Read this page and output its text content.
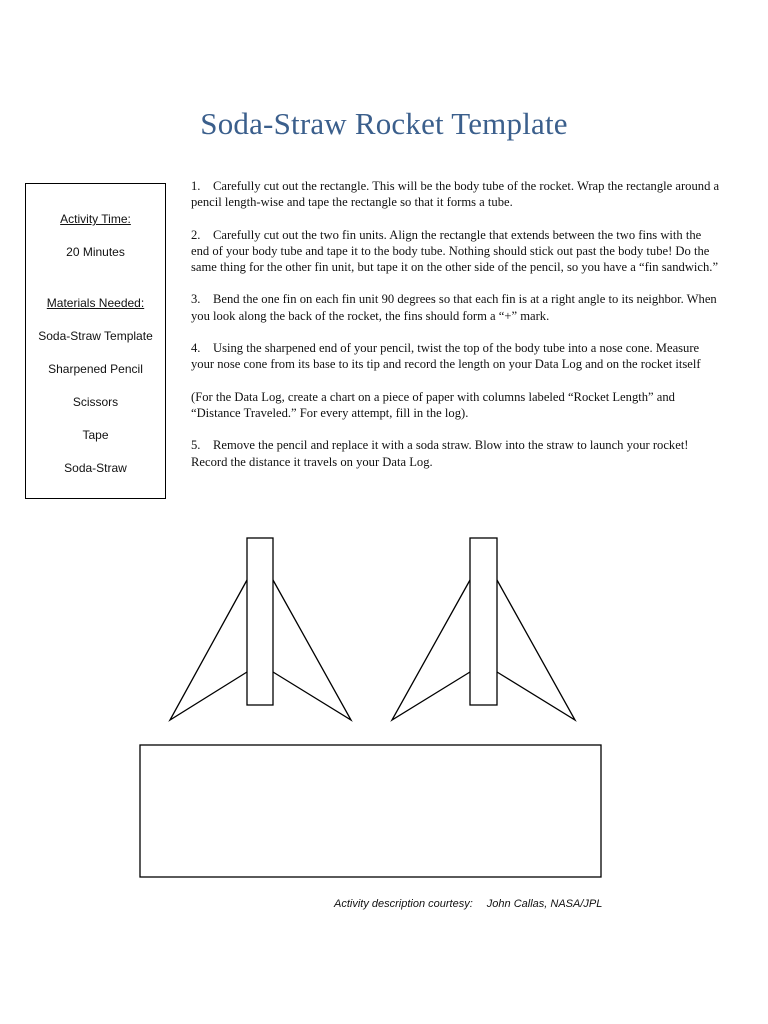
Soda-Straw Rocket Template
Activity Time:
20 Minutes
Materials Needed:
Soda-Straw Template
Sharpened Pencil
Scissors
Tape
Soda-Straw

1. Carefully cut out the rectangle. This will be the body tube of the rocket. Wrap the rectangle around a pencil length-wise and tape the rectangle so that it forms a tube.

2. Carefully cut out the two fin units. Align the rectangle that extends between the two fins with the end of your body tube and tape it to the body tube. Nothing should stick out past the body tube! Do the same thing for the other fin unit, but tape it on the other side of the pencil, so you have a “fin sandwich.”

3. Bend the one fin on each fin unit 90 degrees so that each fin is at a right angle to its neighbor. When you look along the back of the rocket, the fins should form a “+” mark.

4. Using the sharpened end of your pencil, twist the top of the body tube into a nose cone. Measure your nose cone from its base to its tip and record the length on your Data Log and on the rocket itself

(For the Data Log, create a chart on a piece of paper with columns labeled “Rocket Length” and “Distance Traveled.” For every attempt, fill in the log).

5. Remove the pencil and replace it with a soda straw. Blow into the straw to launch your rocket! Record the distance it travels on your Data Log.

Activity description courtesy: John Callas, NASA/JPL
